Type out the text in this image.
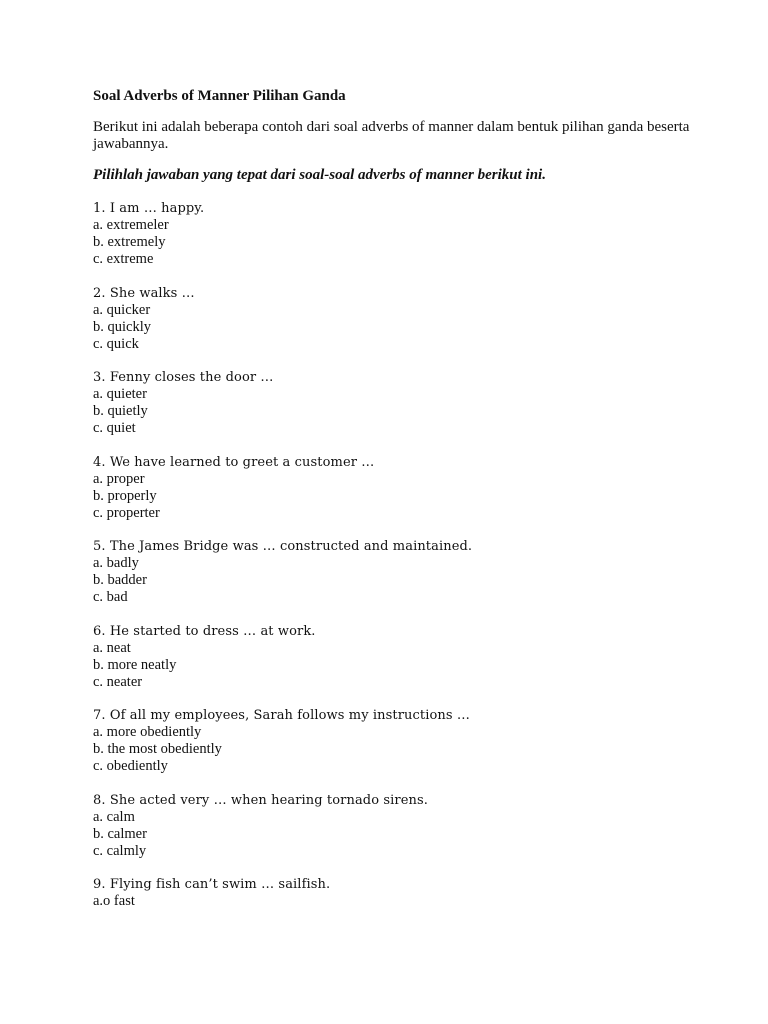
Soal Adverbs of Manner Pilihan Ganda
Berikut ini adalah beberapa contoh dari soal adverbs of manner dalam bentuk pilihan ganda beserta jawabannya.
Pilihlah jawaban yang tepat dari soal-soal adverbs of manner berikut ini.
1. I am … happy.
a. extremeler
b. extremely
c. extreme
2. She walks …
a. quicker
b. quickly
c. quick
3. Fenny closes the door …
a. quieter
b. quietly
c. quiet
4. We have learned to greet a customer …
a. proper
b. properly
c. properter
5. The James Bridge was … constructed and maintained.
a. badly
b. badder
c. bad
6. He started to dress … at work.
a. neat
b. more neatly
c. neater
7. Of all my employees, Sarah follows my instructions …
a. more obediently
b. the most obediently
c. obediently
8. She acted very … when hearing tornado sirens.
a. calm
b. calmer
c. calmly
9. Flying fish can’t swim … sailfish.
a.o fast
